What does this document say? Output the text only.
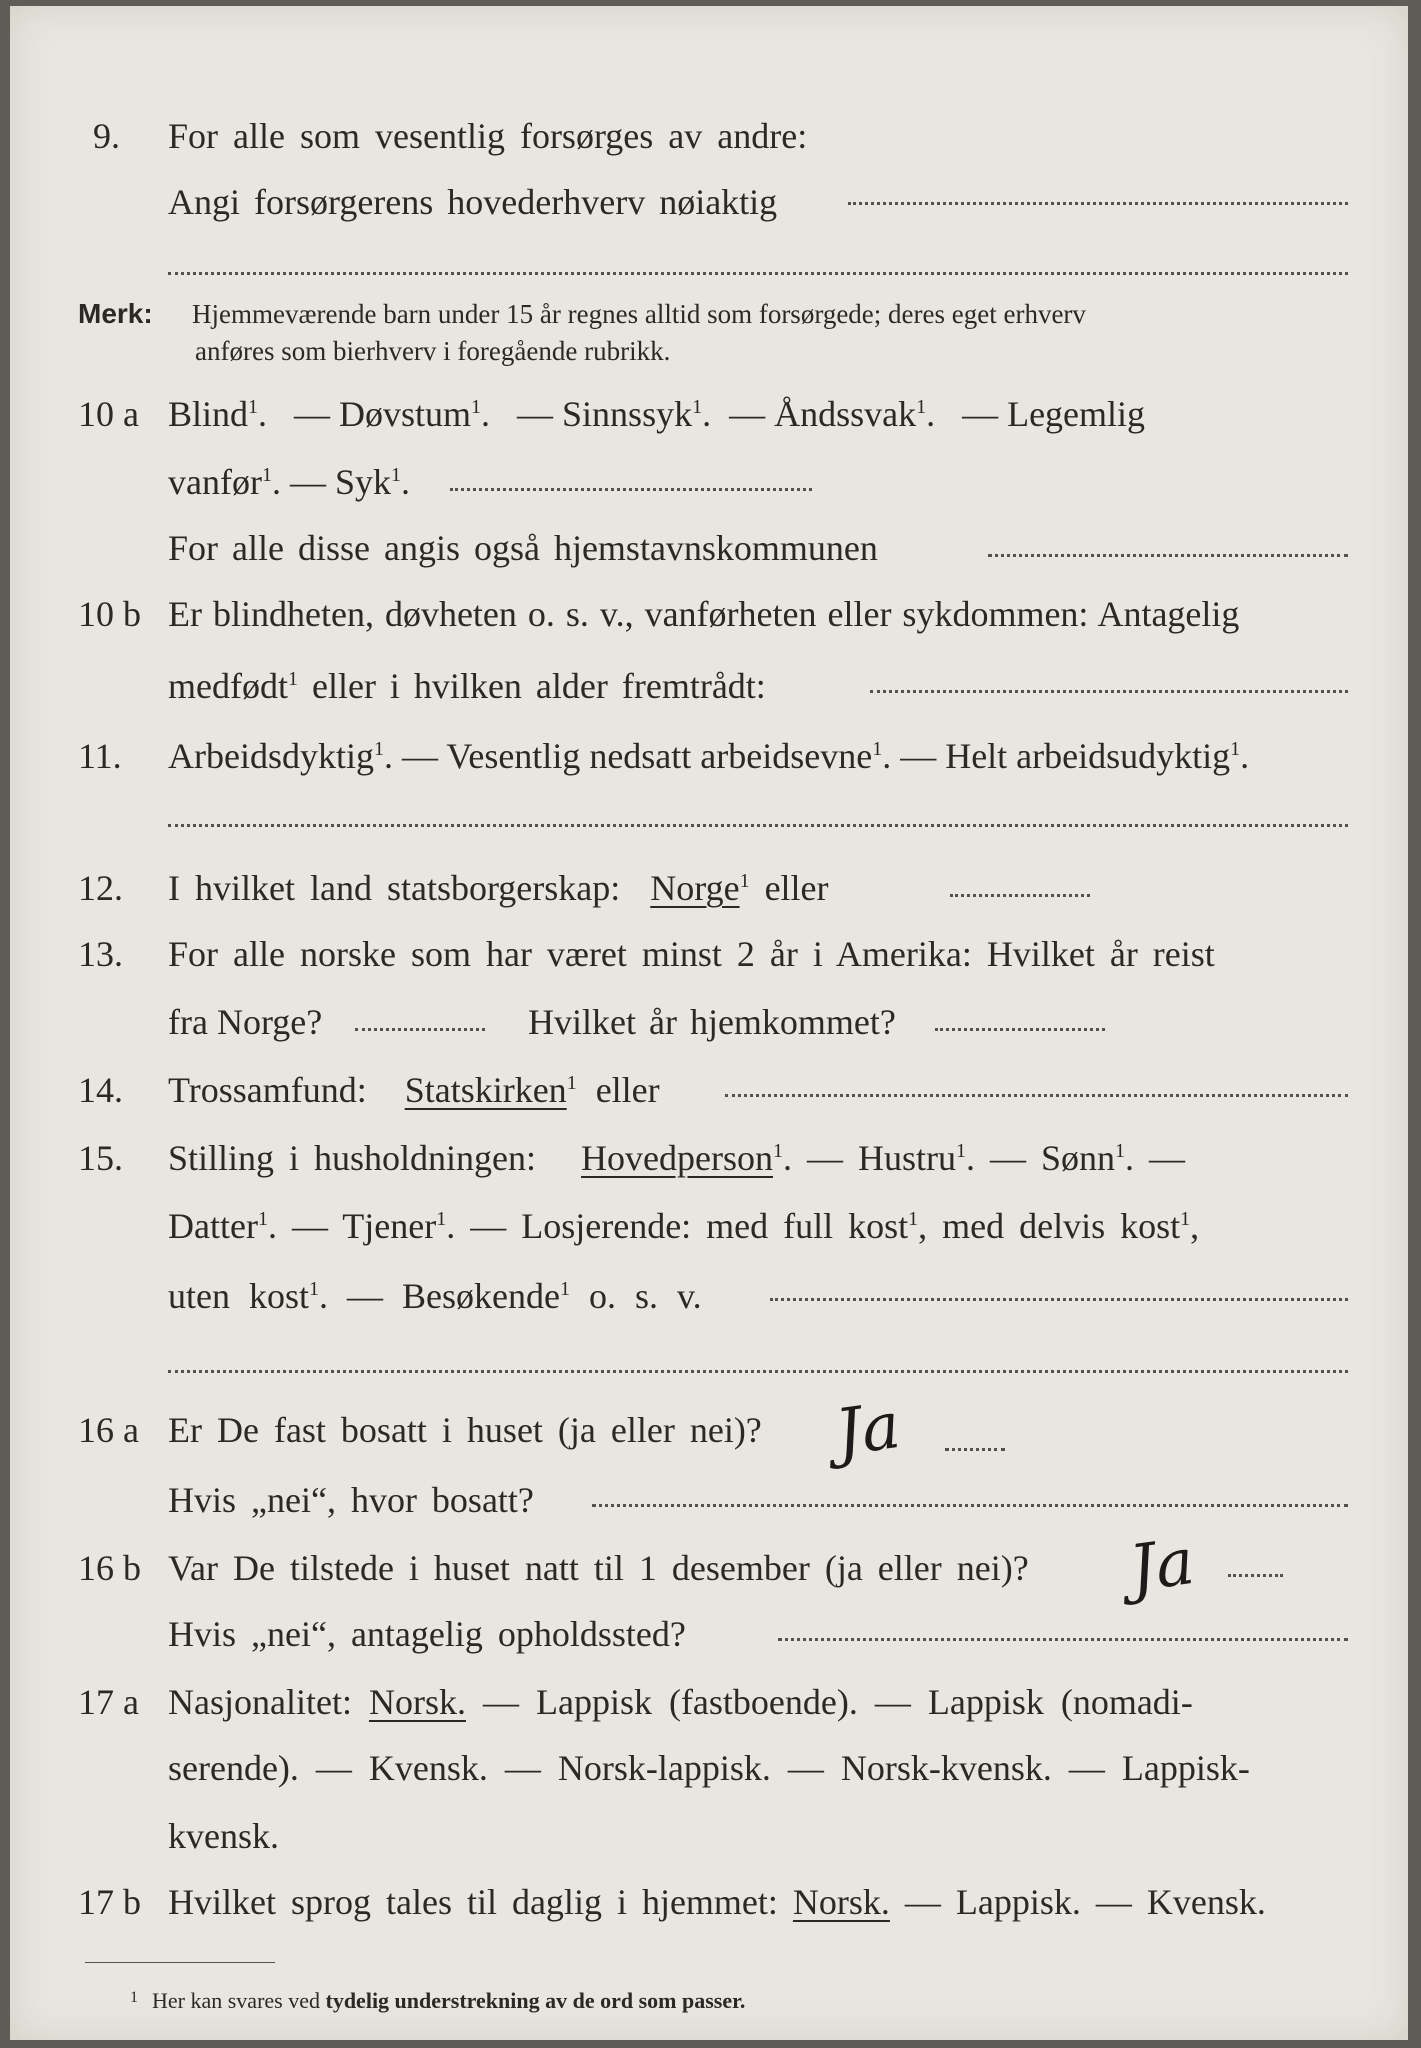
9. For alle som vesentlig forsørges av andre:
Angi forsørgerens hovederhverv nøiaktig
Merk: Hjemmeværende barn under 15 år regnes alltid som forsørgede; deres eget erhverv
anføres som bierhverv i foregående rubrikk.
10 a Blind$^1$.   — Døvstum$^1$.   — Sinnssyk$^1$.  — Åndssvak$^1$.   — Legemlig
vanfør$^1$. — Syk$^1$.
For alle disse angis også hjemstavnskommunen
10 b Er blindheten, døvheten o. s. v., vanførheten eller sykdommen: Antagelig
medfødt$^1$ eller i hvilken alder fremtrådt:
11. Arbeidsdyktig$^1$. — Vesentlig nedsatt arbeidsevne$^1$. — Helt arbeidsudyktig$^1$.
12. I hvilket land statsborgerskap: Norge$^1$ eller
13. For alle norske som har været minst 2 år i Amerika: Hvilket år reist
fra Norge?	Hvilket år hjemkommet?
14. Trossamfund: Statskirken$^1$ eller
15. Stilling i husholdningen: Hovedperson$^1$. — Hustru$^1$. — Sønn$^1$. —
Datter$^1$. — Tjener$^1$. — Losjerende: med full kost$^1$, med delvis kost$^1$,
uten kost$^1$. — Besøkende$^1$ o. s. v.
16 a Er De fast bosatt i huset (ja eller nei)? Ja
Hvis „nei“, hvor bosatt?
16 b Var De tilstede i huset natt til 1 desember (ja eller nei)? Ja
Hvis „nei“, antagelig opholdssted?
17 a Nasjonalitet: Norsk. — Lappisk (fastboende). — Lappisk (nomadi-
serende). — Kvensk. — Norsk-lappisk. — Norsk-kvensk. — Lappisk-
kvensk.
17 b Hvilket sprog tales til daglig i hjemmet: Norsk. — Lappisk. — Kvensk.
$^1$ Her kan svares ved tydelig understrekning av de ord som passer.
